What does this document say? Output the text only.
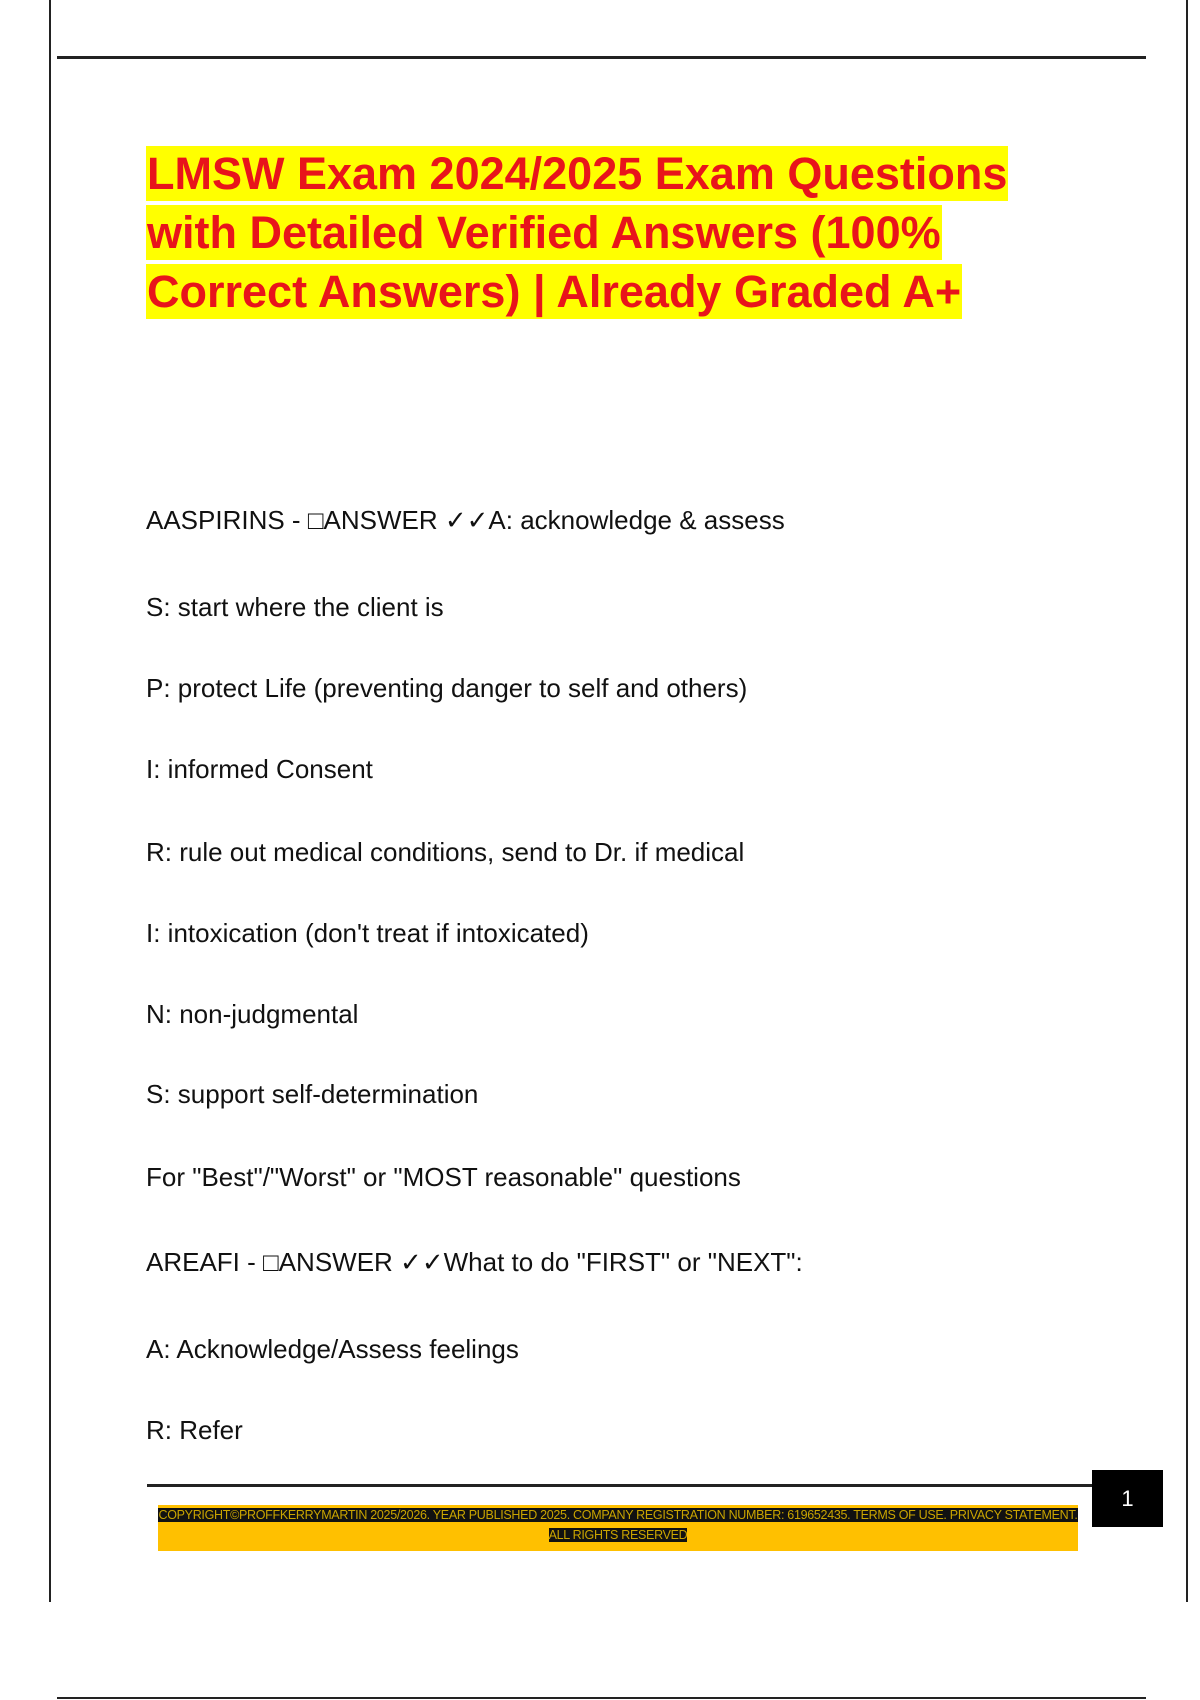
LMSW Exam 2024/2025 Exam Questions with Detailed Verified Answers (100% Correct Answers) | Already Graded A+
AASPIRINS - □ANSWER ✓✓A: acknowledge & assess
S: start where the client is
P: protect Life (preventing danger to self and others)
I: informed Consent
R: rule out medical conditions, send to Dr. if medical
I: intoxication (don't treat if intoxicated)
N: non-judgmental
S: support self-determination
For "Best"/"Worst" or "MOST reasonable" questions
AREAFI - □ANSWER ✓✓What to do "FIRST" or "NEXT":
A: Acknowledge/Assess feelings
R: Refer
1
COPYRIGHT©PROFFKERRYMARTIN 2025/2026. YEAR PUBLISHED 2025. COMPANY REGISTRATION NUMBER: 619652435. TERMS OF USE. PRIVACY STATEMENT. ALL RIGHTS RESERVED
